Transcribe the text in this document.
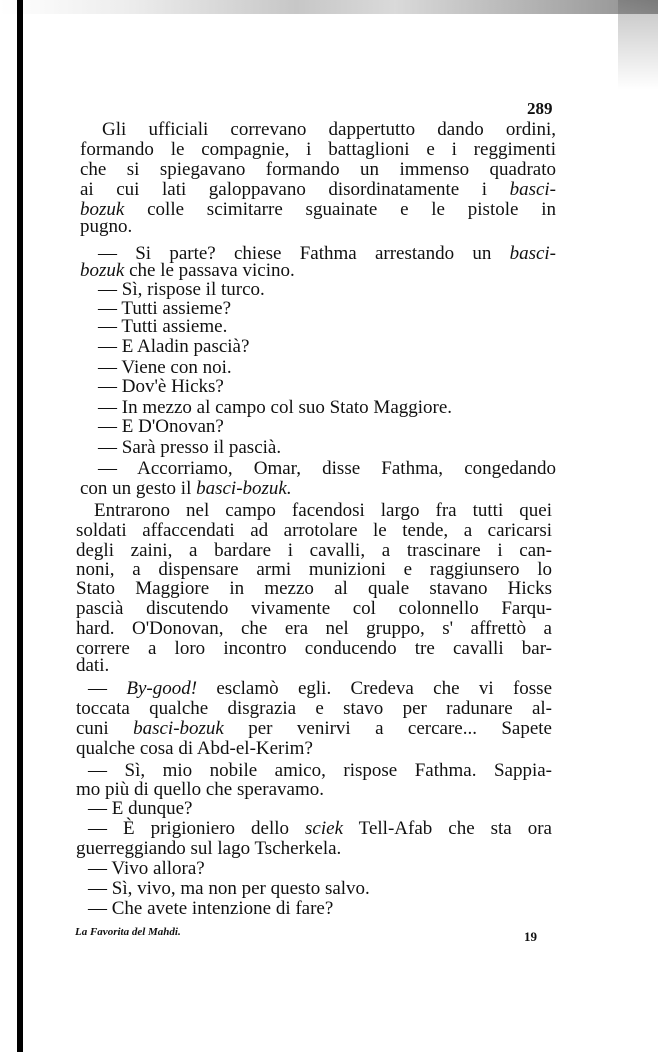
289
Gli ufficiali correvano dappertutto dando ordini,
formando le compagnie, i battaglioni e i reggimenti
che si spiegavano formando un immenso quadrato
ai cui lati galoppavano disordinatamente i basci-
bozuk colle scimitarre sguainate e le pistole in
pugno.
— Si parte? chiese Fathma arrestando un basci-
bozuk che le passava vicino.
— Sì, rispose il turco.
— Tutti assieme?
— Tutti assieme.
— E Aladin pascià?
— Viene con noi.
— Dov'è Hicks?
— In mezzo al campo col suo Stato Maggiore.
— E D'Onovan?
— Sarà presso il pascià.
— Accorriamo, Omar, disse Fathma, congedando
con un gesto il basci-bozuk.
Entrarono nel campo facendosi largo fra tutti quei
soldati affaccendati ad arrotolare le tende, a caricarsi
degli zaini, a bardare i cavalli, a trascinare i can-
noni, a dispensare armi munizioni e raggiunsero lo
Stato Maggiore in mezzo al quale stavano Hicks
pascià discutendo vivamente col colonnello Farqu-
hard. O'Donovan, che era nel gruppo, s' affrettò a
correre a loro incontro conducendo tre cavalli bar-
dati.
— By-good! esclamò egli. Credeva che vi fosse
toccata qualche disgrazia e stavo per radunare al-
cuni basci-bozuk per venirvi a cercare... Sapete
qualche cosa di Abd-el-Kerim?
— Sì, mio nobile amico, rispose Fathma. Sappia-
mo più di quello che speravamo.
— E dunque?
— È prigioniero dello sciek Tell-Afab che sta ora
guerreggiando sul lago Tscherkela.
— Vivo allora?
— Sì, vivo, ma non per questo salvo.
— Che avete intenzione di fare?
La Favorita del Mahdi.	19
